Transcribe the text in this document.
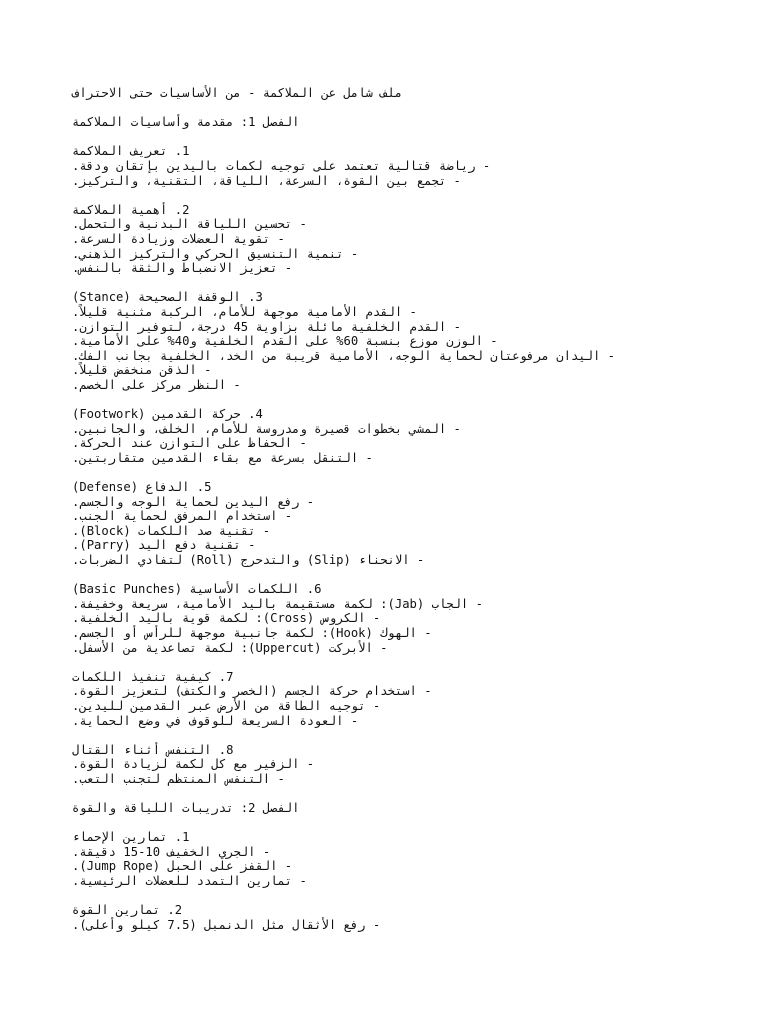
ملف شامل عن الملاكمة - من الأساسيات حتى الاحتراف
الفصل 1: مقدمة وأساسيات الملاكمة
1. تعريف الملاكمة
- رياضة قتالية تعتمد على توجيه لكمات باليدين بإتقان ودقة.
- تجمع بين القوة، السرعة، اللياقة، التقنية، والتركيز.
2. أهمية الملاكمة
- تحسين اللياقة البدنية والتحمل.
- تقوية العضلات وزيادة السرعة.
- تنمية التنسيق الحركي والتركيز الذهني.
- تعزيز الانضباط والثقة بالنفس.
3. الوقفة الصحيحة (Stance)
- القدم الأمامية موجهة للأمام، الركبة مثنية قليلاً.
- القدم الخلفية مائلة بزاوية 45 درجة، لتوفير التوازن.
- الوزن موزع بنسبة 60% على القدم الخلفية و40% على الأمامية.
- اليدان مرفوعتان لحماية الوجه، الأمامية قريبة من الخد، الخلفية بجانب الفك.
- الذقن منخفض قليلاً.
- النظر مركز على الخصم.
4. حركة القدمين (Footwork)
- المشي بخطوات قصيرة ومدروسة للأمام، الخلف، والجانبين.
- الحفاظ على التوازن عند الحركة.
- التنقل بسرعة مع بقاء القدمين متقاربتين.
5. الدفاع (Defense)
- رفع اليدين لحماية الوجه والجسم.
- استخدام المرفق لحماية الجنب.
- تقنية صد اللكمات (Block).
- تقنية دفع اليد (Parry).
- الانحناء (Slip) والتدحرج (Roll) لتفادي الضربات.
6. اللكمات الأساسية (Basic Punches)
- الجاب (Jab): لكمة مستقيمة باليد الأمامية، سريعة وخفيفة.
- الكروس (Cross): لكمة قوية باليد الخلفية.
- الهوك (Hook): لكمة جانبية موجهة للرأس أو الجسم.
- الأبركت (Uppercut): لكمة تصاعدية من الأسفل.
7. كيفية تنفيذ اللكمات
- استخدام حركة الجسم (الخصر والكتف) لتعزيز القوة.
- توجيه الطاقة من الأرض عبر القدمين لليدين.
- العودة السريعة للوقوف في وضع الحماية.
8. التنفس أثناء القتال
- الزفير مع كل لكمة لزيادة القوة.
- التنفس المنتظم لتجنب التعب.
الفصل 2: تدريبات اللياقة والقوة
1. تمارين الإحماء
- الجري الخفيف 10-15 دقيقة.
- القفز على الحبل (Jump Rope).
- تمارين التمدد للعضلات الرئيسية.
2. تمارين القوة
- رفع الأثقال مثل الدنمبل (7.5 كيلو وأعلى).
